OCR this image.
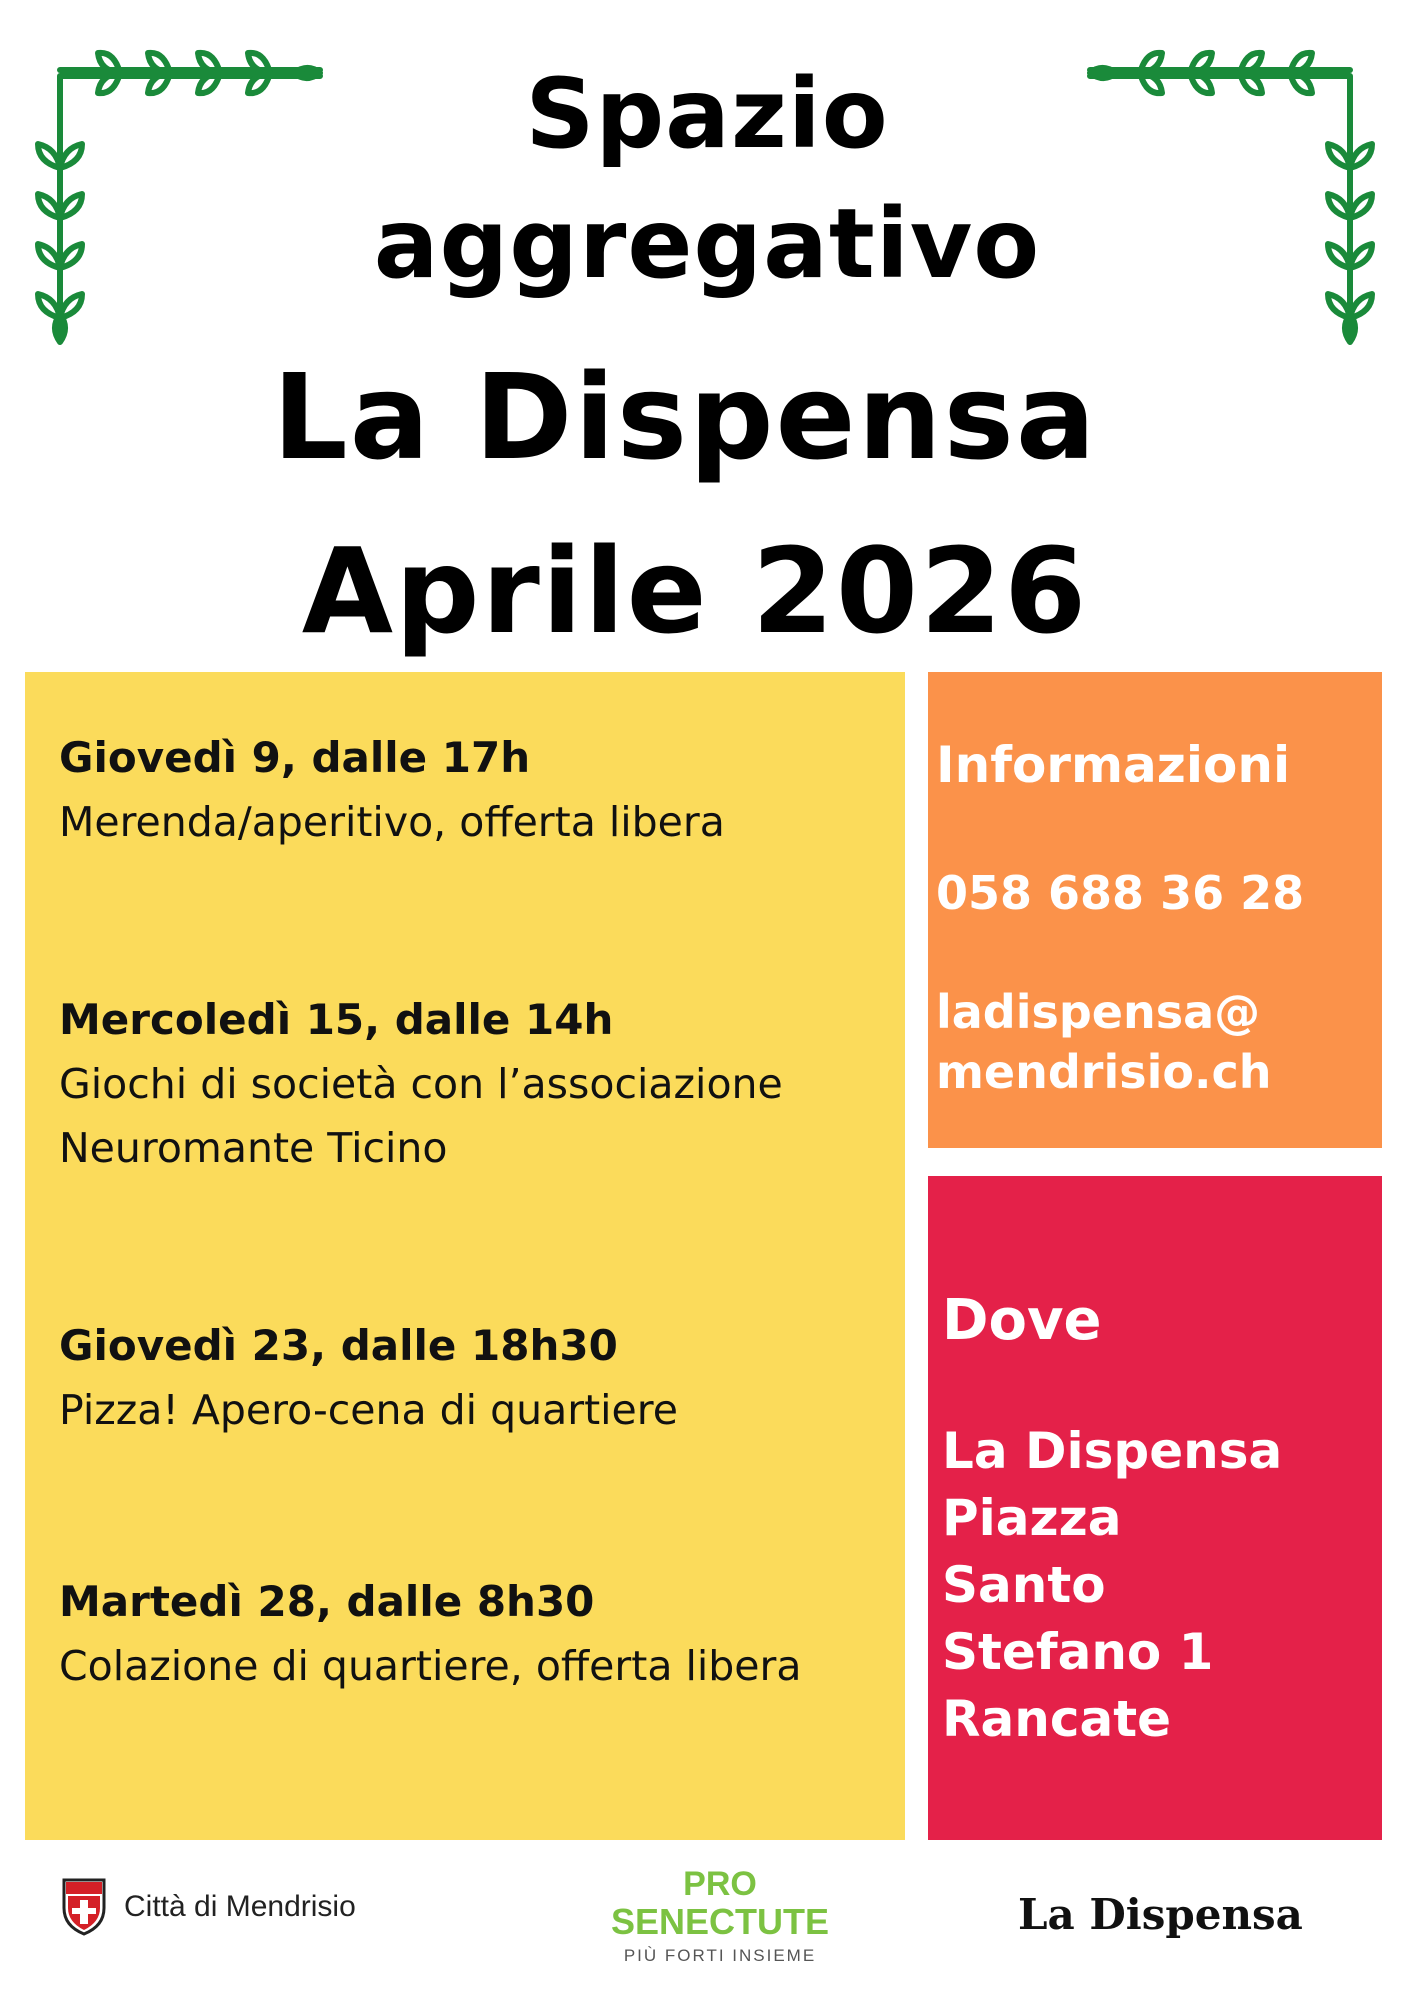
Spazio
aggregativo
La Dispensa
Aprile 2026
Giovedì 9, dalle 17h
Merenda/aperitivo, offerta libera
Mercoledì 15, dalle 14h
Giochi di società con l’associazione Neuromante Ticino
Giovedì 23, dalle 18h30
Pizza! Apero-cena di quartiere
Martedì 28, dalle 8h30
Colazione di quartiere, offerta libera
Informazioni
058 688 36 28
ladispensa@
mendrisio.ch
Dove
La Dispensa
Piazza
Santo
Stefano 1
Rancate
Città di Mendrisio
PRO
SENECTUTE
PIÙ FORTI INSIEME
La Dispensa
